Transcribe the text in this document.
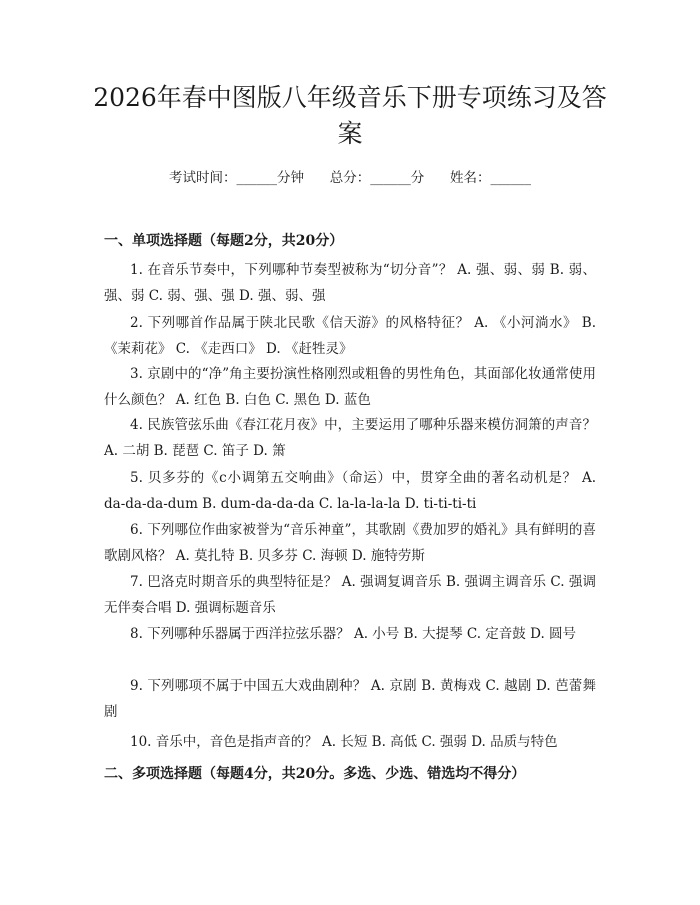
2026年春中图版八年级音乐下册专项练习及答案
考试时间：______分钟      总分：______分      姓名：______
一、单项选择题（每题2分，共20分）

1. 在音乐节奏中，下列哪种节奏型被称为“切分音”？ A. 强、弱、弱 B. 弱、强、弱 C. 弱、强、强 D. 强、弱、强

2. 下列哪首作品属于陕北民歌《信天游》的风格特征？ A. 《小河淌水》 B. 《茉莉花》 C. 《走西口》 D. 《赶牲灵》

3. 京剧中的“净”角主要扮演性格刚烈或粗鲁的男性角色，其面部化妆通常使用什么颜色？ A. 红色 B. 白色 C. 黑色 D. 蓝色

4. 民族管弦乐曲《春江花月夜》中，主要运用了哪种乐器来模仿洞箫的声音？ A. 二胡 B. 琵琶 C. 笛子 D. 箫

5. 贝多芬的《c小调第五交响曲》（命运）中，贯穿全曲的著名动机是？ A. da-da-da-dum B. dum-da-da-da C. la-la-la-la D. ti-ti-ti-ti

6. 下列哪位作曲家被誉为“音乐神童”，其歌剧《费加罗的婚礼》具有鲜明的喜歌剧风格？ A. 莫扎特 B. 贝多芬 C. 海顿 D. 施特劳斯

7. 巴洛克时期音乐的典型特征是？ A. 强调复调音乐 B. 强调主调音乐 C. 强调无伴奏合唱 D. 强调标题音乐

8. 下列哪种乐器属于西洋拉弦乐器？ A. 小号 B. 大提琴 C. 定音鼓 D. 圆号

9. 下列哪项不属于中国五大戏曲剧种？ A. 京剧 B. 黄梅戏 C. 越剧 D. 芭蕾舞剧

10. 音乐中，音色是指声音的？ A. 长短 B. 高低 C. 强弱 D. 品质与特色

二、多项选择题（每题4分，共20分。多选、少选、错选均不得分）
